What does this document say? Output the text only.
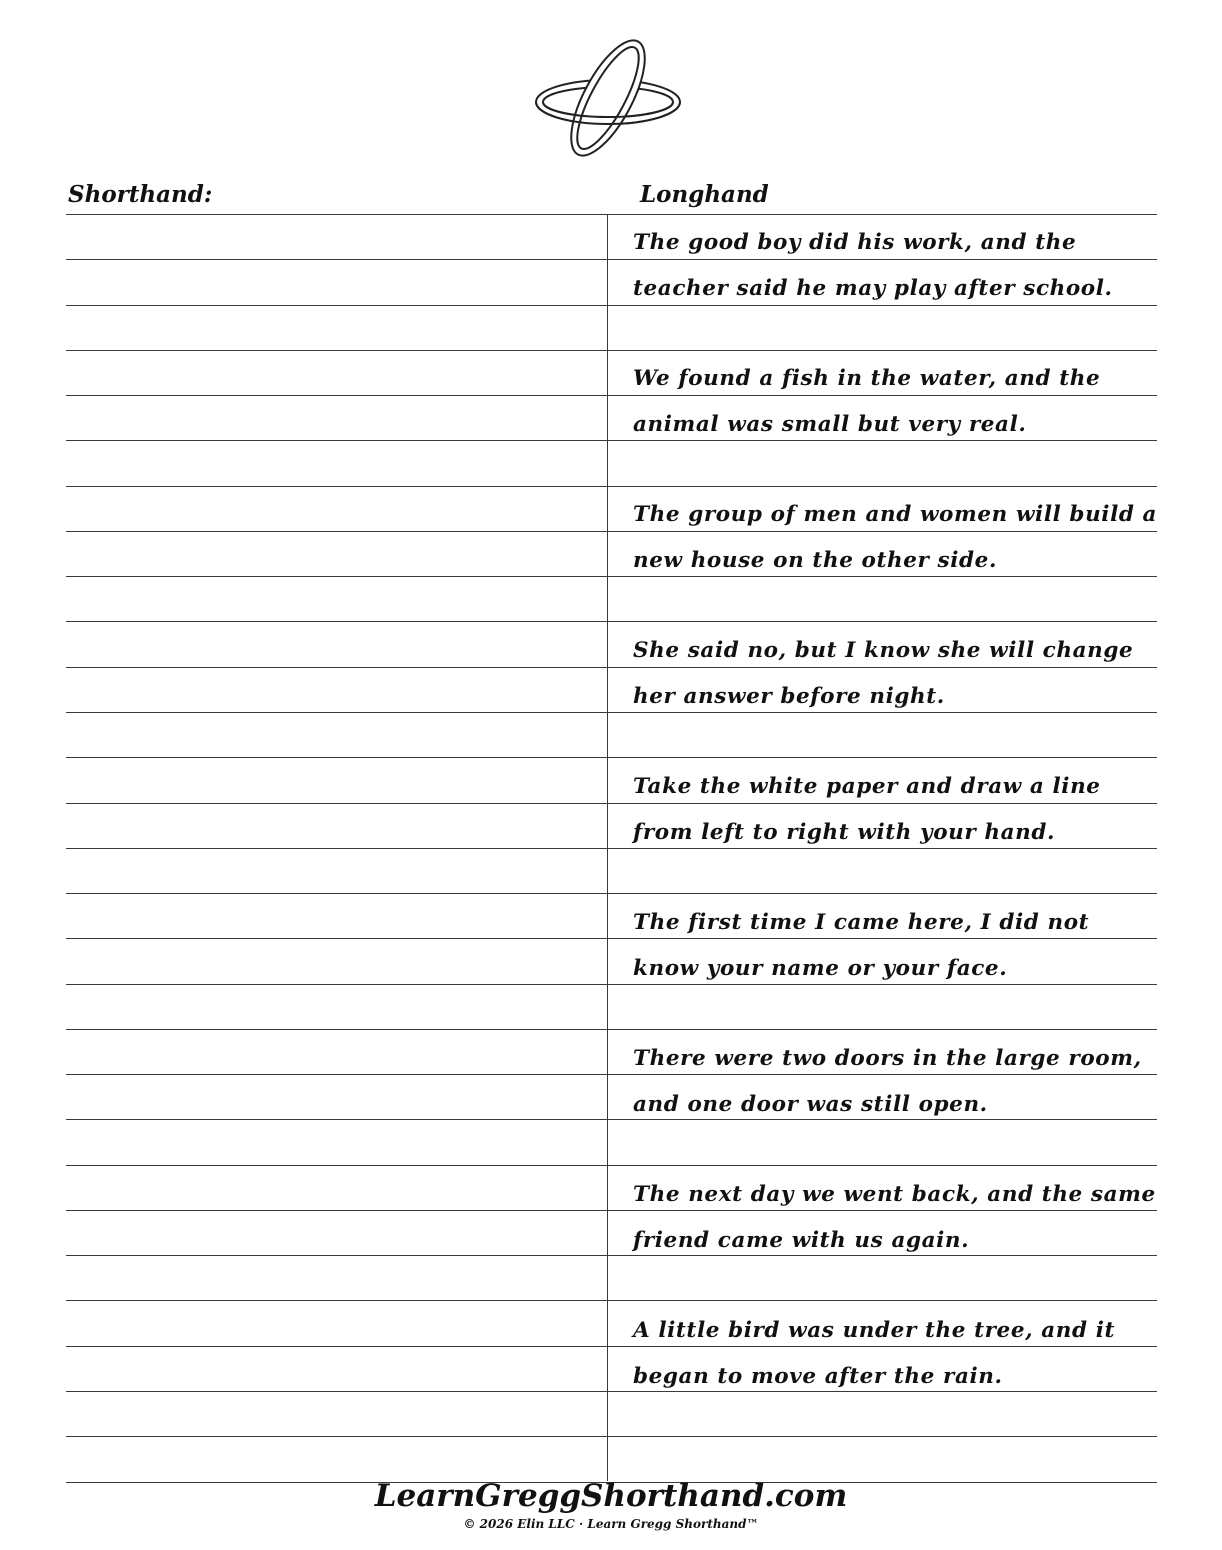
Shorthand:	Longhand
The good boy did his work, and the
teacher said he may play after school.
We found a fish in the water, and the
animal was small but very real.
The group of men and women will build a
new house on the other side.
She said no, but I know she will change
her answer before night.
Take the white paper and draw a line
from left to right with your hand.
The first time I came here, I did not
know your name or your face.
There were two doors in the large room,
and one door was still open.
The next day we went back, and the same
friend came with us again.
A little bird was under the tree, and it
began to move after the rain.
LearnGreggShorthand.com
© 2026 Elin LLC · Learn Gregg Shorthand™
